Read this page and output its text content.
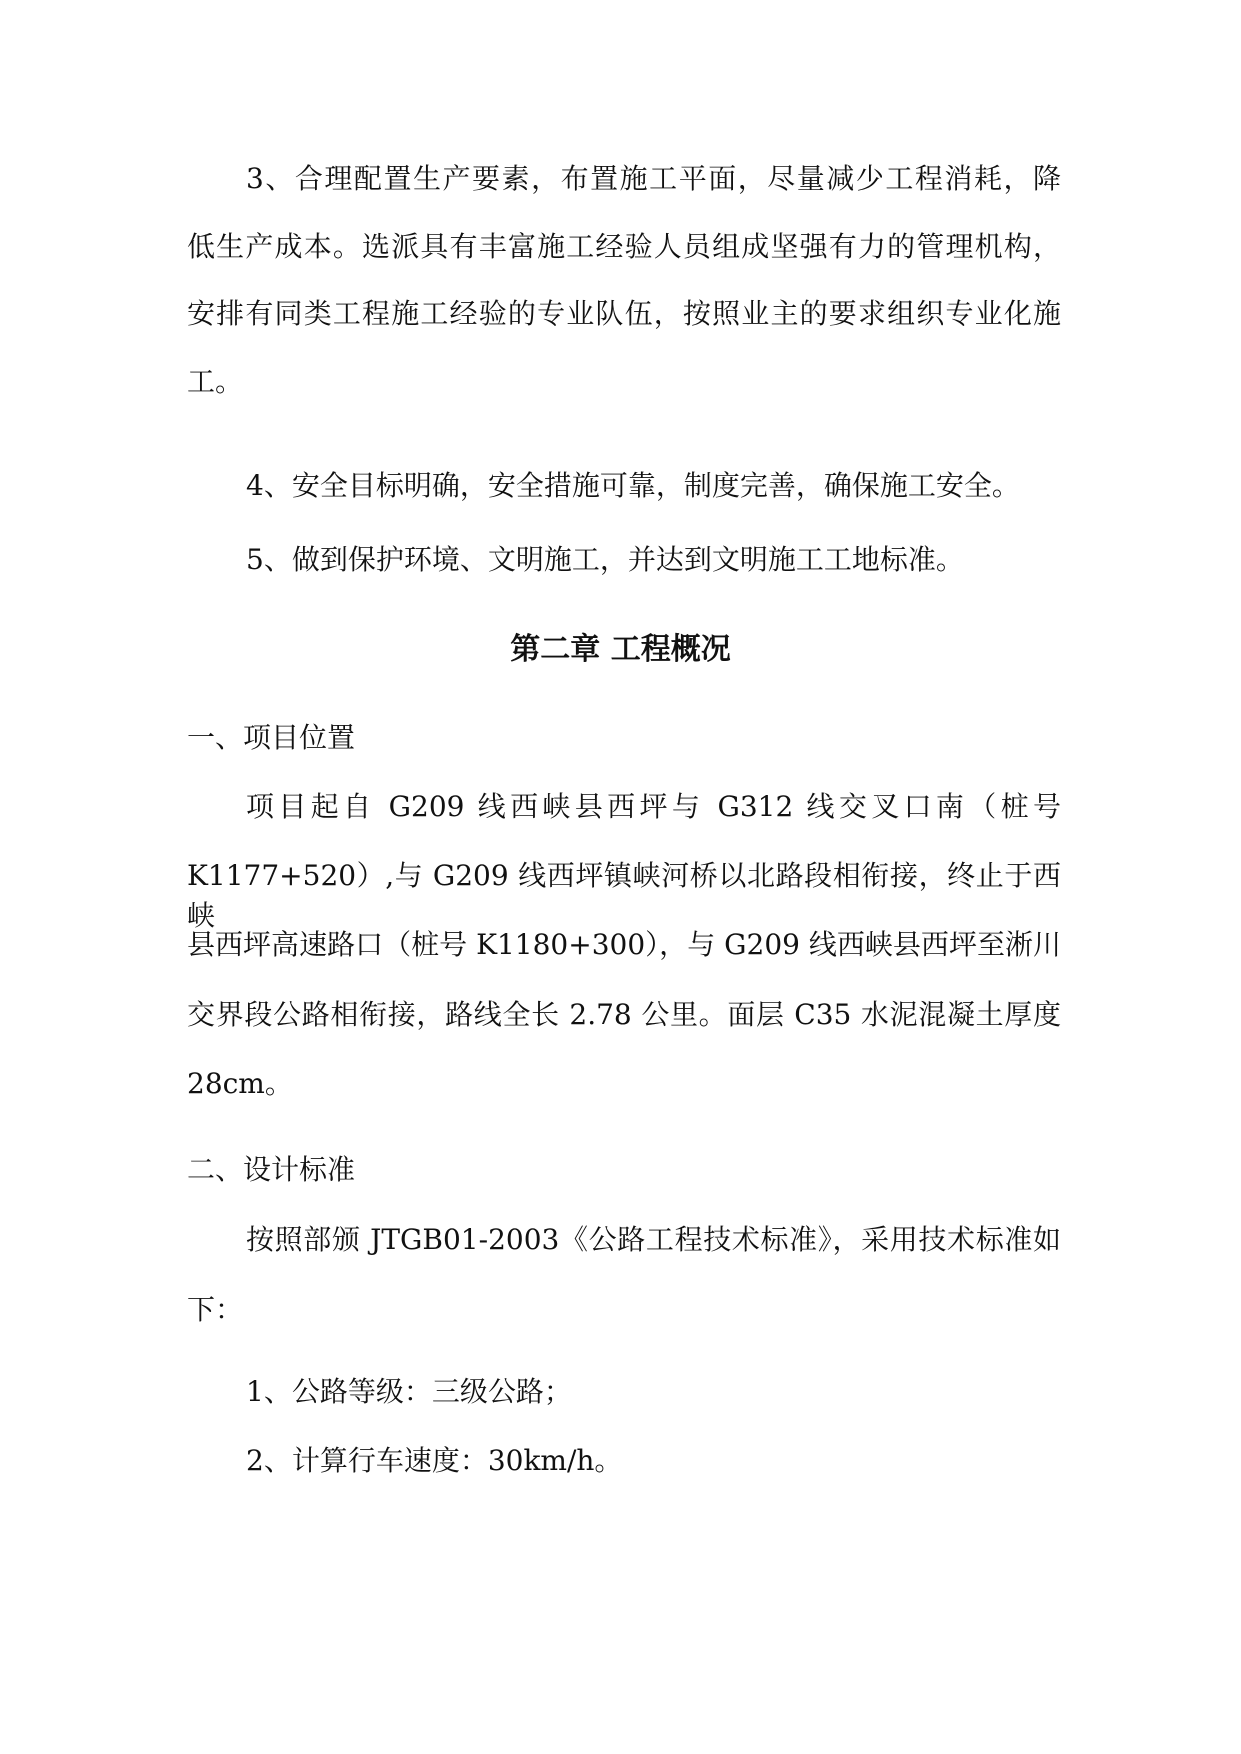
3、合理配置生产要素，布置施工平面，尽量减少工程消耗，降

低生产成本。选派具有丰富施工经验人员组成坚强有力的管理机构，

安排有同类工程施工经验的专业队伍，按照业主的要求组织专业化施

工。

4、安全目标明确，安全措施可靠，制度完善，确保施工安全。

5、做到保护环境、文明施工，并达到文明施工工地标准。

第二章 工程概况

一、项目位置

项目起自 G209 线西峡县西坪与 G312 线交叉口南（桩号

K1177+520）,与 G209 线西坪镇峡河桥以北路段相衔接，终止于西峡

县西坪高速路口（桩号 K1180+300），与 G209 线西峡县西坪至淅川

交界段公路相衔接，路线全长 2.78 公里。面层 C35 水泥混凝土厚度

28cm。

二、设计标准

按照部颁 JTGB01-2003《公路工程技术标准》，采用技术标准如

下：

1、公路等级：三级公路；

2、计算行车速度：30km/h。
